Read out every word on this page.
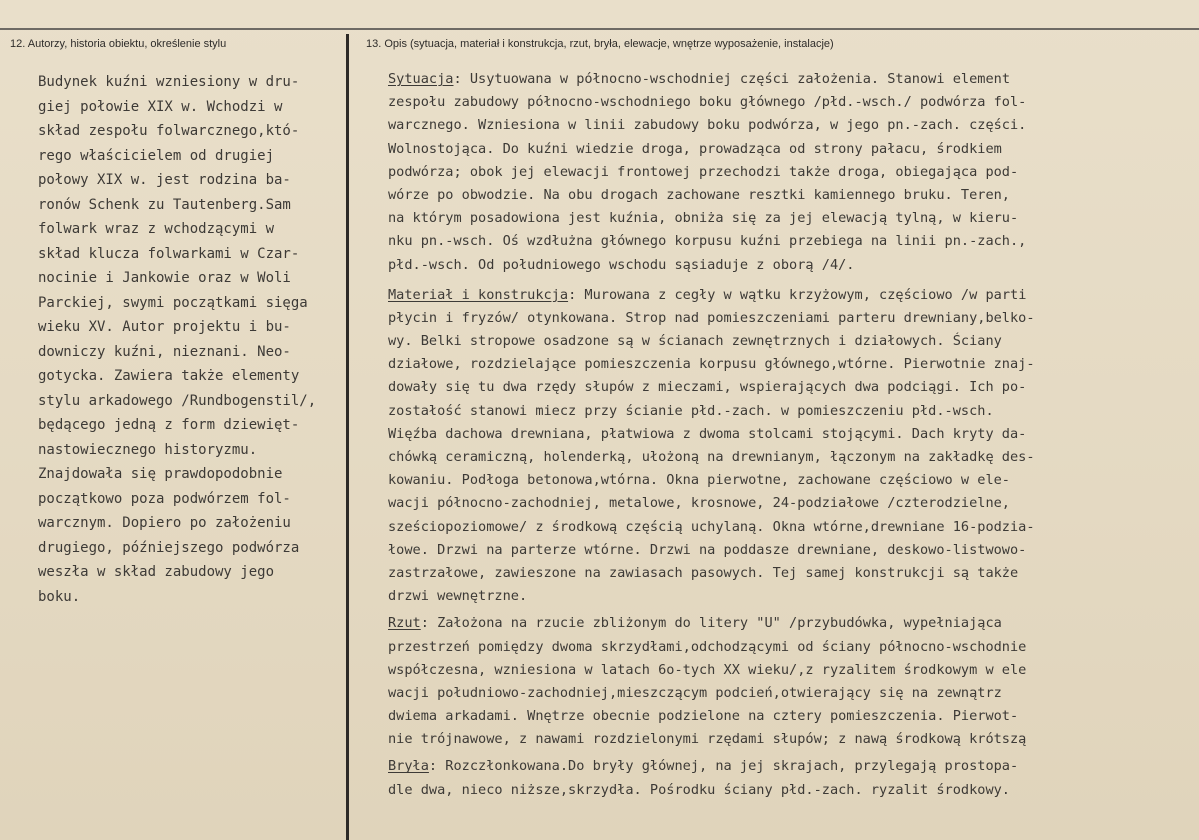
12. Autorzy, historia obiektu, określenie stylu	13. Opis (sytuacja, materiał i konstrukcja, rzut, bryła, elewacje, wnętrze wyposażenie, instalacje)
Budynek kuźni wzniesiony w dru-
giej połowie XIX w. Wchodzi w
skład zespołu folwarcznego,któ-
rego właścicielem od drugiej
połowy XIX w. jest rodzina ba-
ronów Schenk zu Tautenberg.Sam
folwark wraz z wchodzącymi w
skład klucza folwarkami w Czar-
nocinie i Jankowie oraz w Woli
Parckiej, swymi początkami sięga
wieku XV. Autor projektu i bu-
downiczy kuźni, nieznani. Neo-
gotycka. Zawiera także elementy
stylu arkadowego /Rundbogenstil/,
będącego jedną z form dziewięt-
nastowiecznego historyzmu.
Znajdowała się prawdopodobnie
początkowo poza podwórzem fol-
warcznym. Dopiero po założeniu
drugiego, późniejszego podwórza
weszła w skład zabudowy jego
boku.
Sytuacja: Usytuowana w północno-wschodniej części założenia. Stanowi element
zespołu zabudowy północno-wschodniego boku głównego /płd.-wsch./ podwórza fol-
warcznego. Wzniesiona w linii zabudowy boku podwórza, w jego pn.-zach. części.
Wolnostojąca. Do kuźni wiedzie droga, prowadząca od strony pałacu, środkiem
podwórza; obok jej elewacji frontowej przechodzi także droga, obiegająca pod-
wórze po obwodzie. Na obu drogach zachowane resztki kamiennego bruku. Teren,
na którym posadowiona jest kuźnia, obniża się za jej elewacją tylną, w kieru-
nku pn.-wsch. Oś wzdłużna głównego korpusu kuźni przebiega na linii pn.-zach.,
płd.-wsch. Od południowego wschodu sąsiaduje z oborą /4/.
Materiał i konstrukcja: Murowana z cegły w wątku krzyżowym, częściowo /w parti
płycin i fryzów/ otynkowana. Strop nad pomieszczeniami parteru drewniany,belko-
wy. Belki stropowe osadzone są w ścianach zewnętrznych i działowych. Ściany
działowe, rozdzielające pomieszczenia korpusu głównego,wtórne. Pierwotnie znaj-
dowały się tu dwa rzędy słupów z mieczami, wspierających dwa podciągi. Ich po-
zostałość stanowi miecz przy ścianie płd.-zach. w pomieszczeniu płd.-wsch.
Więźba dachowa drewniana, płatwiowa z dwoma stolcami stojącymi. Dach kryty da-
chówką ceramiczną, holenderką, ułożoną na drewnianym, łączonym na zakładkę des-
kowaniu. Podłoga betonowa,wtórna. Okna pierwotne, zachowane częściowo w ele-
wacji północno-zachodniej, metalowe, krosnowe, 24-podziałowe /czterodzielne,
sześciopoziomowe/ z środkową częścią uchylaną. Okna wtórne,drewniane 16-podzia-
łowe. Drzwi na parterze wtórne. Drzwi na poddasze drewniane, deskowo-listwowo-
zastrzałowe, zawieszone na zawiasach pasowych. Tej samej konstrukcji są także
drzwi wewnętrzne.
Rzut: Założona na rzucie zbliżonym do litery "U" /przybudówka, wypełniająca
przestrzeń pomiędzy dwoma skrzydłami,odchodzącymi od ściany północno-wschodnie
współczesna, wzniesiona w latach 6o-tych XX wieku/,z ryzalitem środkowym w ele
wacji południowo-zachodniej,mieszczącym podcień,otwierający się na zewnątrz
dwiema arkadami. Wnętrze obecnie podzielone na cztery pomieszczenia. Pierwot-
nie trójnawowe, z nawami rozdzielonymi rzędami słupów; z nawą środkową krótszą
Bryła: Rozczłonkowana.Do bryły głównej, na jej skrajach, przylegają prostopa-
dle dwa, nieco niższe,skrzydła. Pośrodku ściany płd.-zach. ryzalit środkowy.
